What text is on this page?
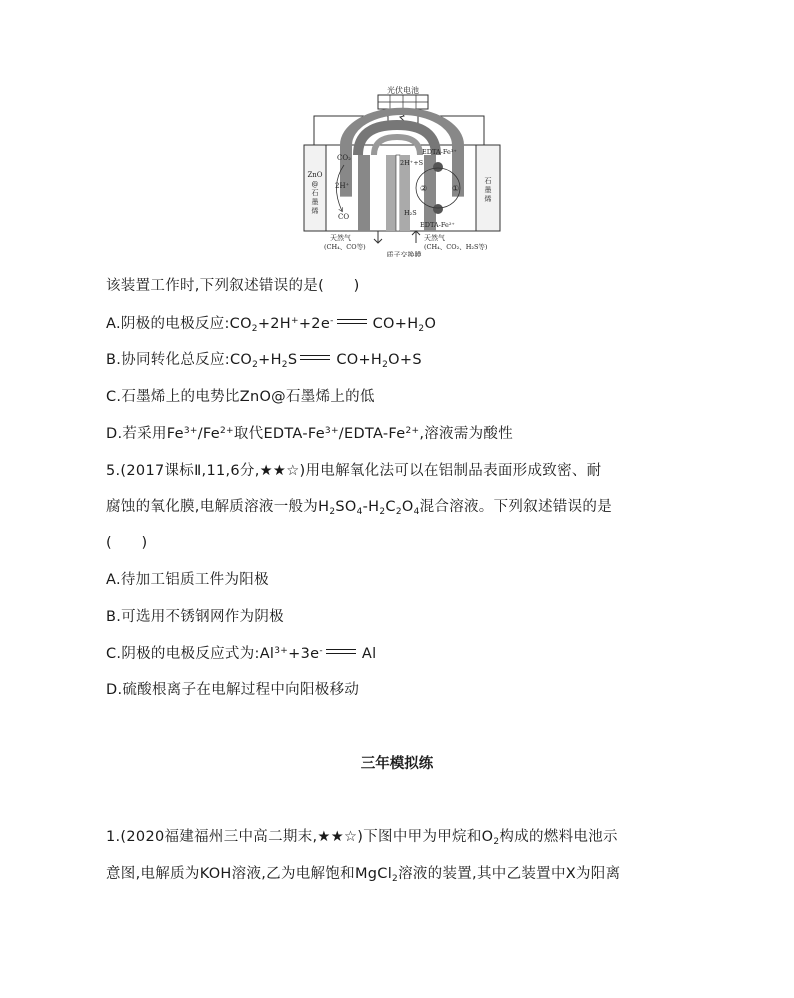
光伏电池
ZnO
@
石
墨
烯
CO₂
2H⁺
CO
石
墨
烯
EDTA-Fe³⁺
2H⁺+S
②	①
H₂S
EDTA-Fe²⁺
天然气
(CH₄、CO等)
天然气
(CH₄、CO₂、H₂S等)
质子交换膜
该装置工作时,下列叙述错误的是(　　)
A.阴极的电极反应$:CO_2+2H^++2e^-$	$CO+H_2O$
B.协同转化总反应$:CO_2+H_2S$	$CO+H_2O+S$
C.石墨烯上的电势比ZnO@石墨烯上的低
D.若采用$Fe^{3+}/Fe^{2+}$取代EDTA-$Fe^{3+}/EDTA-Fe^{2+}$,溶液需为酸性
5.(2017课标Ⅱ,11,6分,★★☆)用电解氧化法可以在铝制品表面形成致密、耐
腐蚀的氧化膜,电解质溶液一般为$H_2SO_4-H_2C_2O_4$混合溶液。下列叙述错误的是
(　　)
A.待加工铝质工件为阳极
B.可选用不锈钢网作为阴极
C.阴极的电极反应式为$:Al^{3+}+3e^-$	Al
D.硫酸根离子在电解过程中向阳极移动
三年模拟练
1.(2020福建福州三中高二期末,★★☆)下图中甲为甲烷和$O_2$构成的燃料电池示
意图,电解质为KOH溶液,乙为电解饱和MgCl$_2$溶液的装置,其中乙装置中X为阳离
